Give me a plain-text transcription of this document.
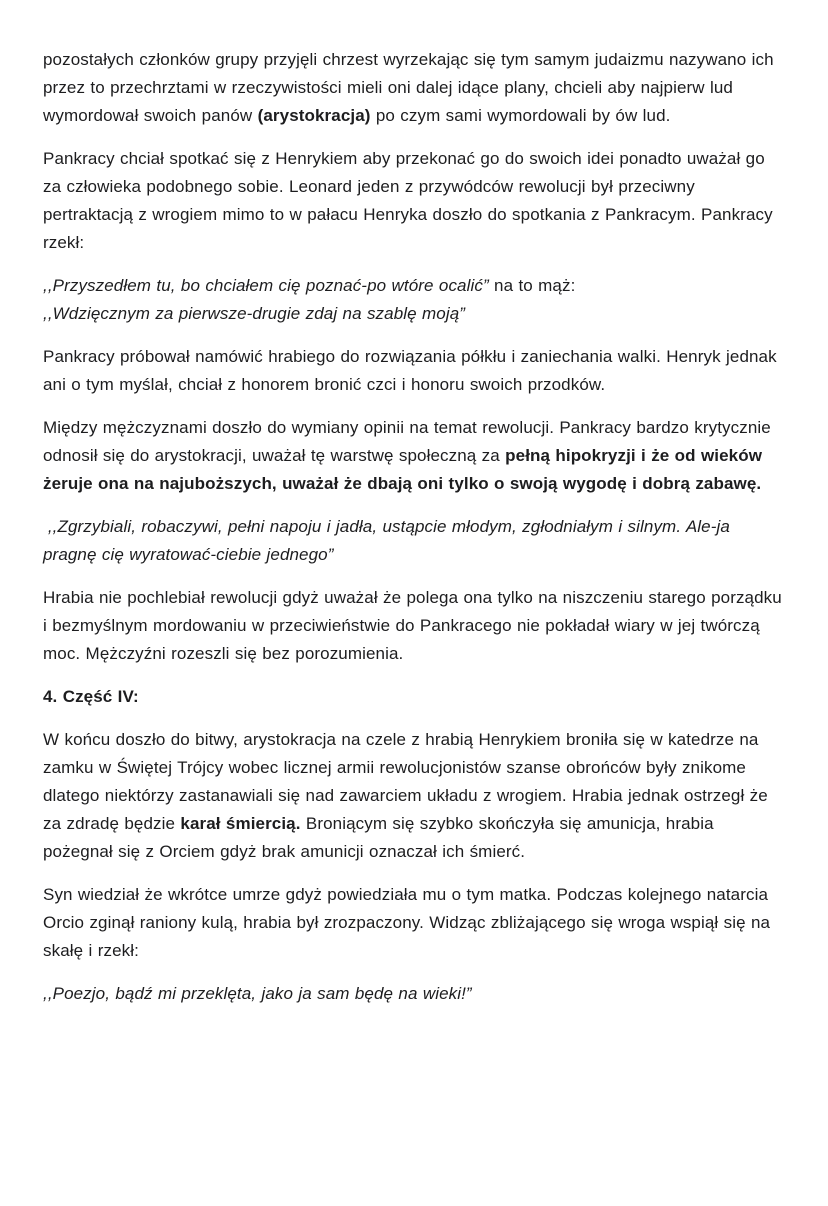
pozostałych członków grupy przyjęli chrzest wyrzekając się tym samym judaizmu nazywano ich przez to przechrztami w rzeczywistości mieli oni dalej idące plany, chcieli aby najpierw lud wymordował swoich panów (arystokracja) po czym sami wymordowali by ów lud.

Pankracy chciał spotkać się z Henrykiem aby przekonać go do swoich idei ponadto uważał go za człowieka podobnego sobie. Leonard jeden z przywódców rewolucji był przeciwny pertraktacją z wrogiem mimo to w pałacu Henryka doszło do spotkania z Pankracym. Pankracy rzekł:

,,Przyszedłem tu, bo chciałem cię poznać-po wtóre ocalić” na to mąż:
,,Wdzięcznym za pierwsze-drugie zdaj na szablę moją”

Pankracy próbował namówić hrabiego do rozwiązania półkłu i zaniechania walki. Henryk jednak ani o tym myślał, chciał z honorem bronić czci i honoru swoich przodków.

Między mężczyznami doszło do wymiany opinii na temat rewolucji. Pankracy bardzo krytycznie odnosił się do arystokracji, uważał tę warstwę społeczną za pełną hipokryzji i że od wieków żeruje ona na najuboższych, uważał że dbają oni tylko o swoją wygodę i dobrą zabawę.

,,Zgrzybiali, robaczywi, pełni napoju i jadła, ustąpcie młodym, zgłodniałym i silnym. Ale-ja pragnę cię wyratować-ciebie jednego”

Hrabia nie pochlebiał rewolucji gdyż uważał że polega ona tylko na niszczeniu starego porządku i bezmyślnym mordowaniu w przeciwieństwie do Pankracego nie pokładał wiary w jej twórczą moc. Mężczyźni rozeszli się bez porozumienia.

4. Część IV:

W końcu doszło do bitwy, arystokracja na czele z hrabią Henrykiem broniła się w katedrze na zamku w Świętej Trójcy wobec licznej armii rewolucjonistów szanse obrońców były znikome dlatego niektórzy zastanawiali się nad zawarciem układu z wrogiem. Hrabia jednak ostrzegł że za zdradę będzie karał śmiercią. Broniącym się szybko skończyła się amunicja, hrabia pożegnał się z Orciem gdyż brak amunicji oznaczał ich śmierć.

Syn wiedział że wkrótce umrze gdyż powiedziała mu o tym matka. Podczas kolejnego natarcia Orcio zginął raniony kulą, hrabia był zrozpaczony. Widząc zbliżającego się wroga wspiął się na skałę i rzekł:

,,Poezjo, bądź mi przeklęta, jako ja sam będę na wieki!”
